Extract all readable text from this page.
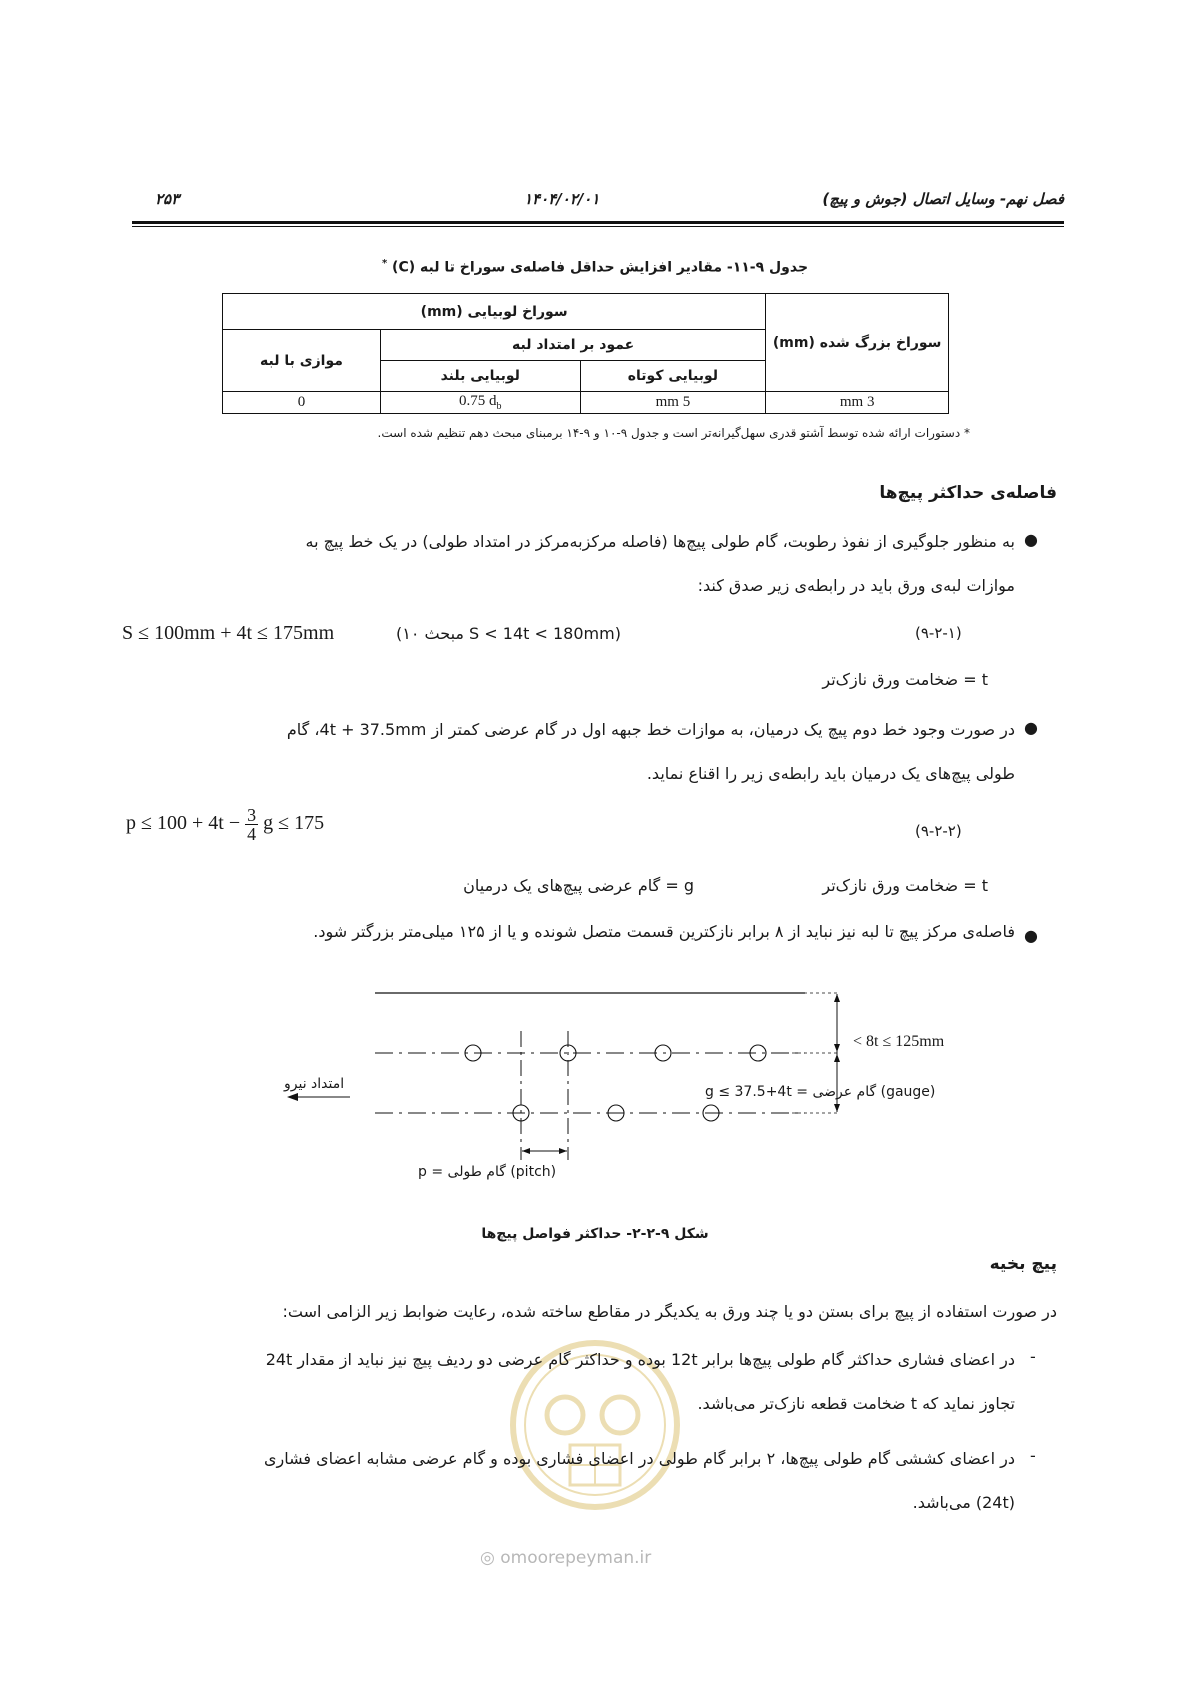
۲۵۳	۱۴۰۴/۰۲/۰۱	فصل نهم- وسایل اتصال (جوش و پیچ)
جدول ۹-۱۱- مقادیر افزایش حداقل فاصله‌ی سوراخ تا لبه (C) *
سوراخ بزرگ شده (mm)	سوراخ لوبیایی (mm)		
	عمود بر امتداد لبه		موازی با لبه
	لوبیایی کوتاه	لوبیایی بلند	
3 mm	5 mm	0.75 $d_b$	0
* دستورات ارائه شده توسط آشتو قدری سهل‌گیرانه‌تر است و جدول ۹-۱۰ و ۹-۱۴ برمبنای مبحث دهم تنظیم شده است.
فاصله‌ی حداکثر پیچ‌ها
●
به منظور جلوگیری از نفوذ رطوبت، گام طولی پیچ‌ها (فاصله مرکزبه‌مرکز در امتداد طولی) در یک خط پیچ به
موازات لبه‌ی ورق باید در رابطه‌ی زیر صدق کند:
S ≤ 100mm + 4t ≤ 175mm	(S < 14t < 180mm مبحث ۱۰)	(۹-۲-۱)
t = ضخامت ورق نازک‌تر
●
در صورت وجود خط دوم پیچ یک درمیان، به موازات خط جبهه اول در گام عرضی کمتر از 4t + 37.5mm، گام
طولی پیچ‌های یک درمیان باید رابطه‌ی زیر را اقناع نماید.
$p \le 100 + 4t - \frac{3}{4}$ g ≤ 175	(۹-۲-۲)
t = ضخامت ورق نازک‌تر
g = گام عرضی پیچ‌های یک درمیان
●
فاصله‌ی مرکز پیچ تا لبه نیز نباید از ۸ برابر نازکترین قسمت متصل شونده و یا از ۱۲۵ میلی‌متر بزرگتر شود.
امتداد نیرو
< 8t ≤ 125mm
(gauge) گام عرضی = g ≤ 37.5+4t
(pitch) گام طولی = p
شکل ۹-۲-۲- حداکثر فواصل پیچ‌ها
◎ omoorepeyman.ir
پیچ بخیه
در صورت استفاده از پیچ برای بستن دو یا چند ورق به یکدیگر در مقاطع ساخته شده، رعایت ضوابط زیر الزامی است:
-
در اعضای فشاری حداکثر گام طولی پیچ‌ها برابر 12t بوده و حداکثر گام عرضی دو ردیف پیچ نیز نباید از مقدار 24t
تجاوز نماید که t ضخامت قطعه نازک‌تر می‌باشد.
-
در اعضای کششی گام طولی پیچ‌ها، ۲ برابر گام طولی در اعضای فشاری بوده و گام عرضی مشابه اعضای فشاری
(24t) می‌باشد.
